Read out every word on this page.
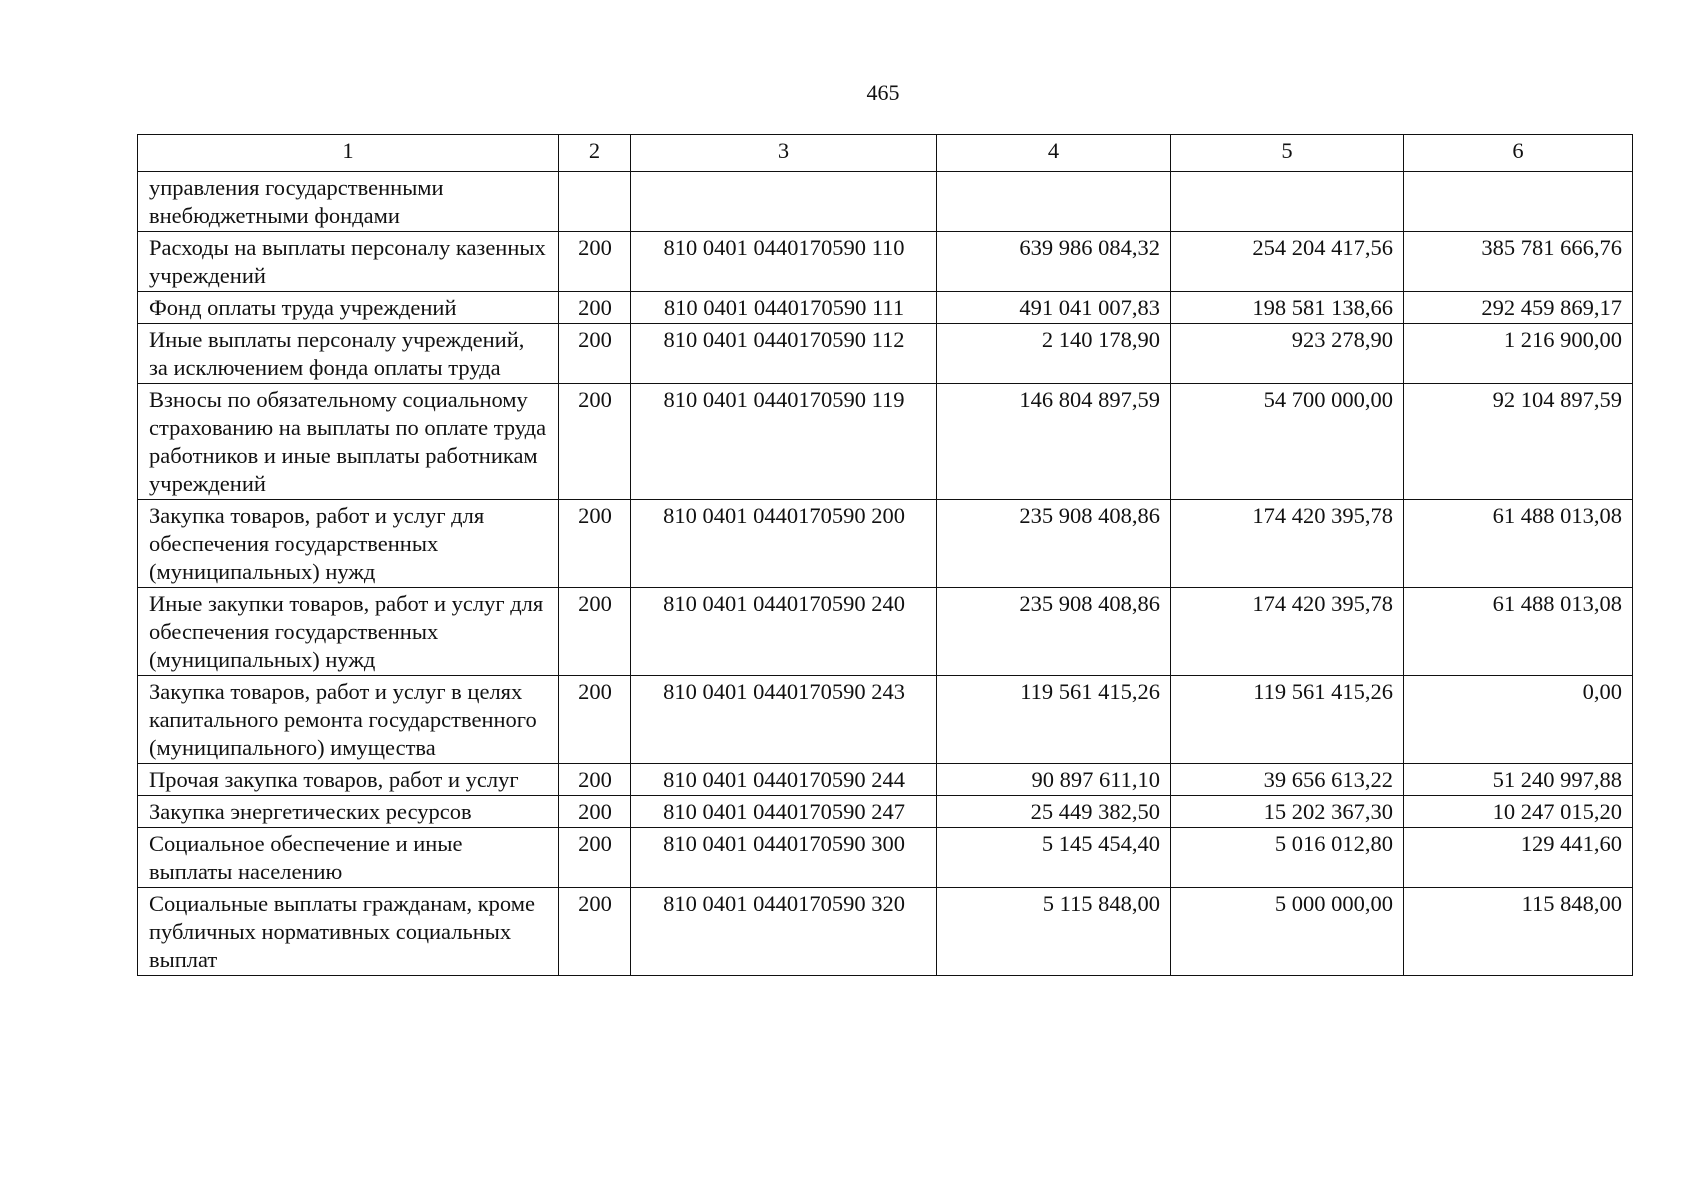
465
1	2	3	4	5	6
управления государственными внебюджетными фондами					
Расходы на выплаты персоналу казенных учреждений	200	810 0401 0440170590 110	639 986 084,32	254 204 417,56	385 781 666,76
Фонд оплаты труда учреждений	200	810 0401 0440170590 111	491 041 007,83	198 581 138,66	292 459 869,17
Иные выплаты персоналу учреждений, за исключением фонда оплаты труда	200	810 0401 0440170590 112	2 140 178,90	923 278,90	1 216 900,00
Взносы по обязательному социальному страхованию на выплаты по оплате труда работников и иные выплаты работникам учреждений	200	810 0401 0440170590 119	146 804 897,59	54 700 000,00	92 104 897,59
Закупка товаров, работ и услуг для обеспечения государственных (муниципальных) нужд	200	810 0401 0440170590 200	235 908 408,86	174 420 395,78	61 488 013,08
Иные закупки товаров, работ и услуг для обеспечения государственных (муниципальных) нужд	200	810 0401 0440170590 240	235 908 408,86	174 420 395,78	61 488 013,08
Закупка товаров, работ и услуг в целях капитального ремонта государственного (муниципального) имущества	200	810 0401 0440170590 243	119 561 415,26	119 561 415,26	0,00
Прочая закупка товаров, работ и услуг	200	810 0401 0440170590 244	90 897 611,10	39 656 613,22	51 240 997,88
Закупка энергетических ресурсов	200	810 0401 0440170590 247	25 449 382,50	15 202 367,30	10 247 015,20
Социальное обеспечение и иные выплаты населению	200	810 0401 0440170590 300	5 145 454,40	5 016 012,80	129 441,60
Социальные выплаты гражданам, кроме публичных нормативных социальных выплат	200	810 0401 0440170590 320	5 115 848,00	5 000 000,00	115 848,00
